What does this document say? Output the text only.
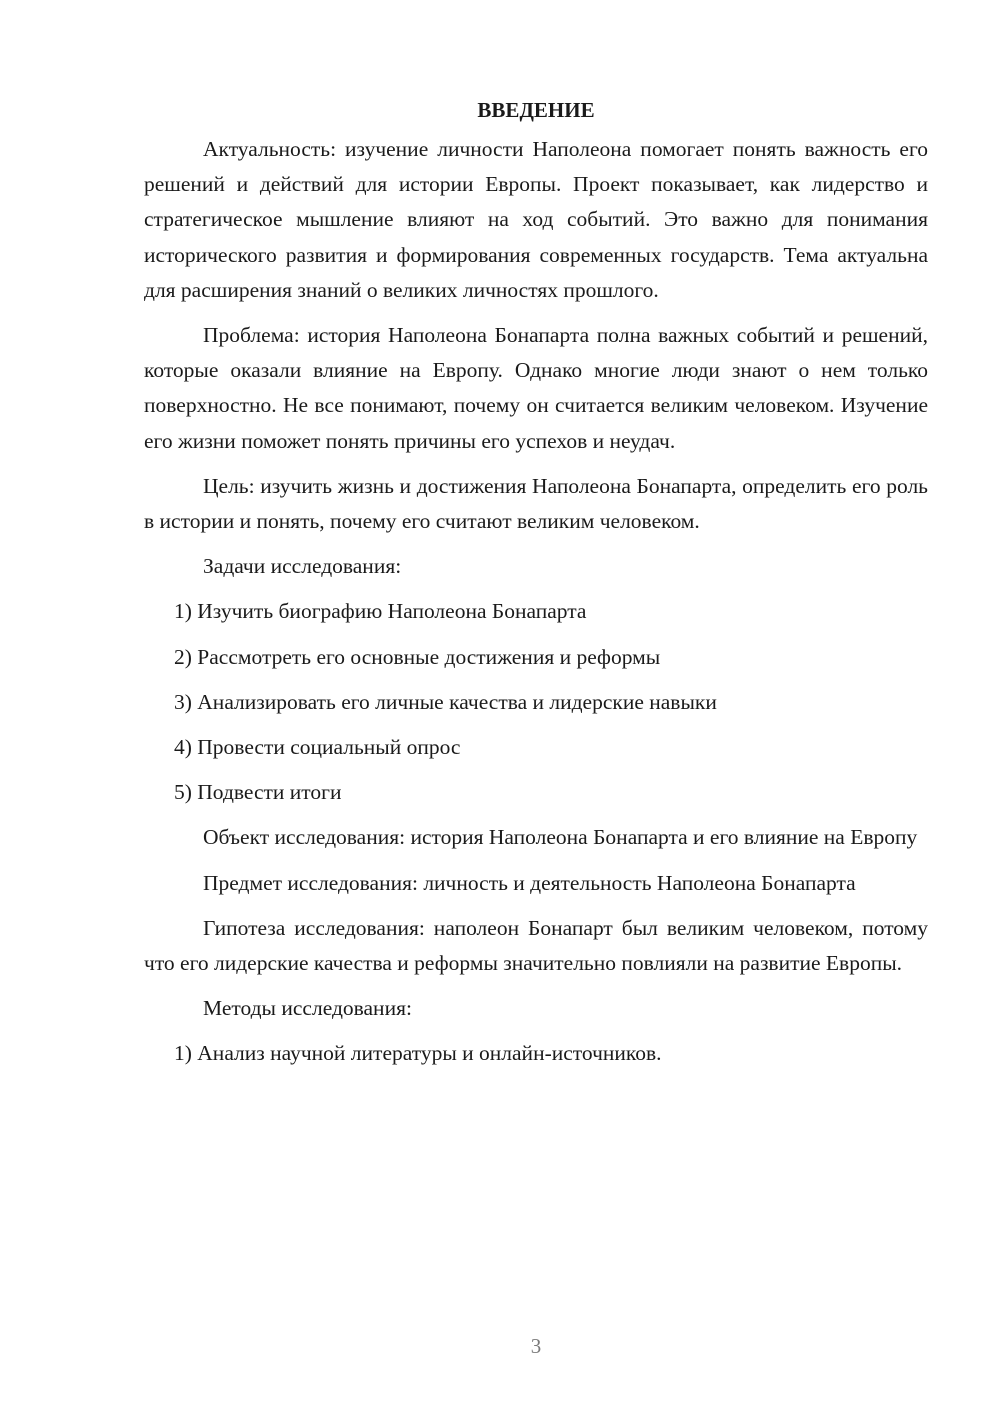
ВВЕДЕНИЕ

Актуальность: изучение личности Наполеона помогает понять важность его решений и действий для истории Европы. Проект показывает, как лидерство и стратегическое мышление влияют на ход событий. Это важно для понимания исторического развития и формирования современных государств. Тема актуальна для расширения знаний о великих личностях прошлого.

Проблема: история Наполеона Бонапарта полна важных событий и решений, которые оказали влияние на Европу. Однако многие люди знают о нем только поверхностно. Не все понимают, почему он считается великим человеком. Изучение его жизни поможет понять причины его успехов и неудач.

Цель: изучить жизнь и достижения Наполеона Бонапарта, определить его роль в истории и понять, почему его считают великим человеком.

Задачи исследования:

1) Изучить биографию Наполеона Бонапарта

2) Рассмотреть его основные достижения и реформы

3) Анализировать его личные качества и лидерские навыки

4) Провести социальный опрос

5) Подвести итоги

Объект исследования: история Наполеона Бонапарта и его влияние на Европу

Предмет исследования: личность и деятельность Наполеона Бонапарта

Гипотеза исследования: наполеон Бонапарт был великим человеком, потому что его лидерские качества и реформы значительно повлияли на развитие Европы.

Методы исследования:

1) Анализ научной литературы и онлайн-источников.

3
